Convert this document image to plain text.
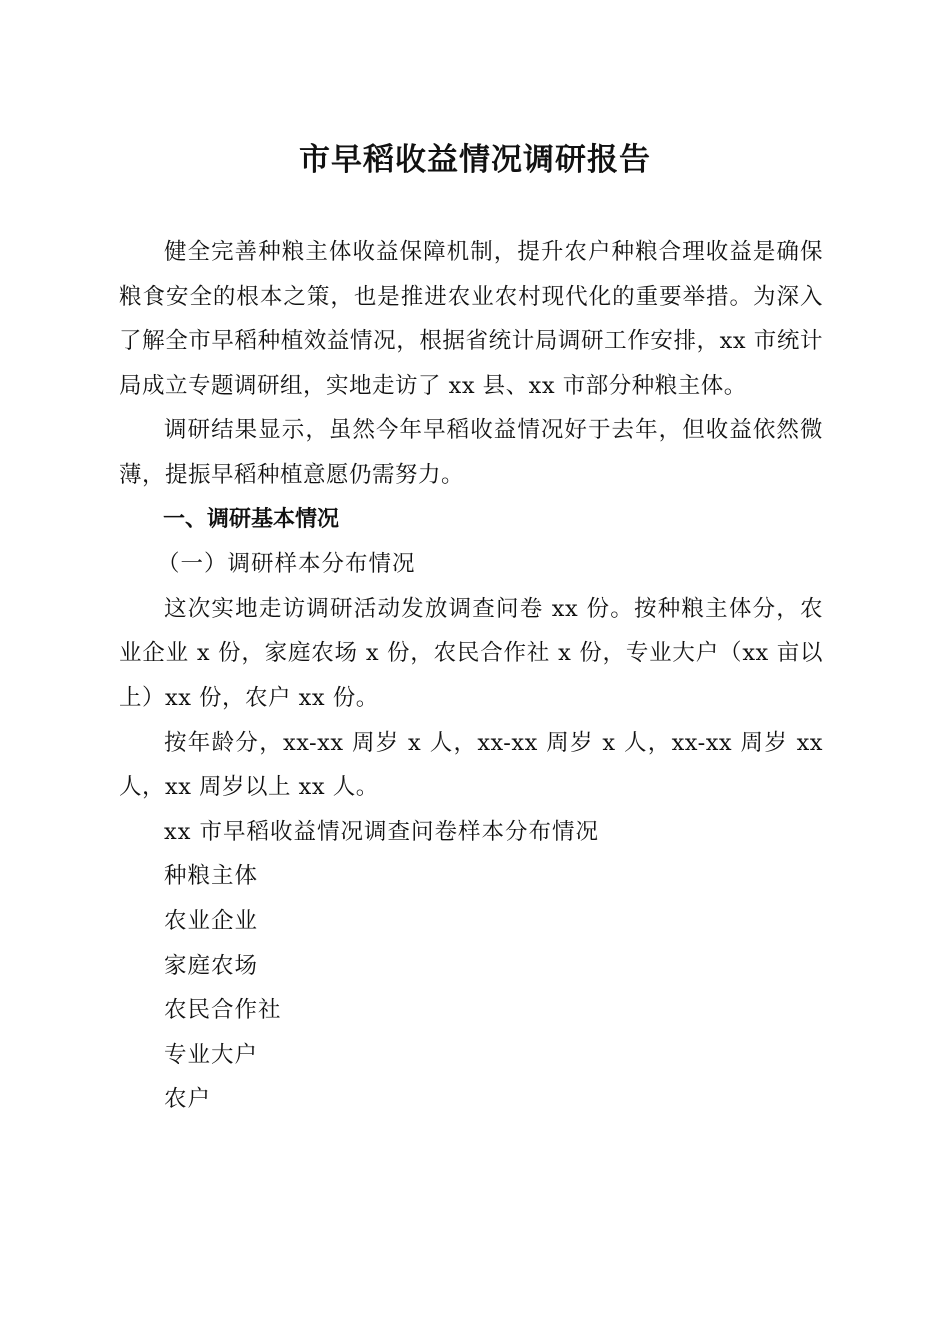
市早稻收益情况调研报告

健全完善种粮主体收益保障机制，提升农户种粮合理收益是确保粮食安全的根本之策，也是推进农业农村现代化的重要举措。为深入了解全市早稻种植效益情况，根据省统计局调研工作安排，xx 市统计局成立专题调研组，实地走访了 xx 县、xx 市部分种粮主体。

调研结果显示，虽然今年早稻收益情况好于去年，但收益依然微薄，提振早稻种植意愿仍需努力。

一、调研基本情况

（一）调研样本分布情况

这次实地走访调研活动发放调查问卷 xx 份。按种粮主体分，农业企业 x 份，家庭农场 x 份，农民合作社 x 份，专业大户（xx 亩以上）xx 份，农户 xx 份。

按年龄分，xx-xx 周岁 x 人，xx-xx 周岁 x 人，xx-xx 周岁 xx 人，xx 周岁以上 xx 人。

xx 市早稻收益情况调查问卷样本分布情况

种粮主体

农业企业

家庭农场

农民合作社

专业大户

农户
